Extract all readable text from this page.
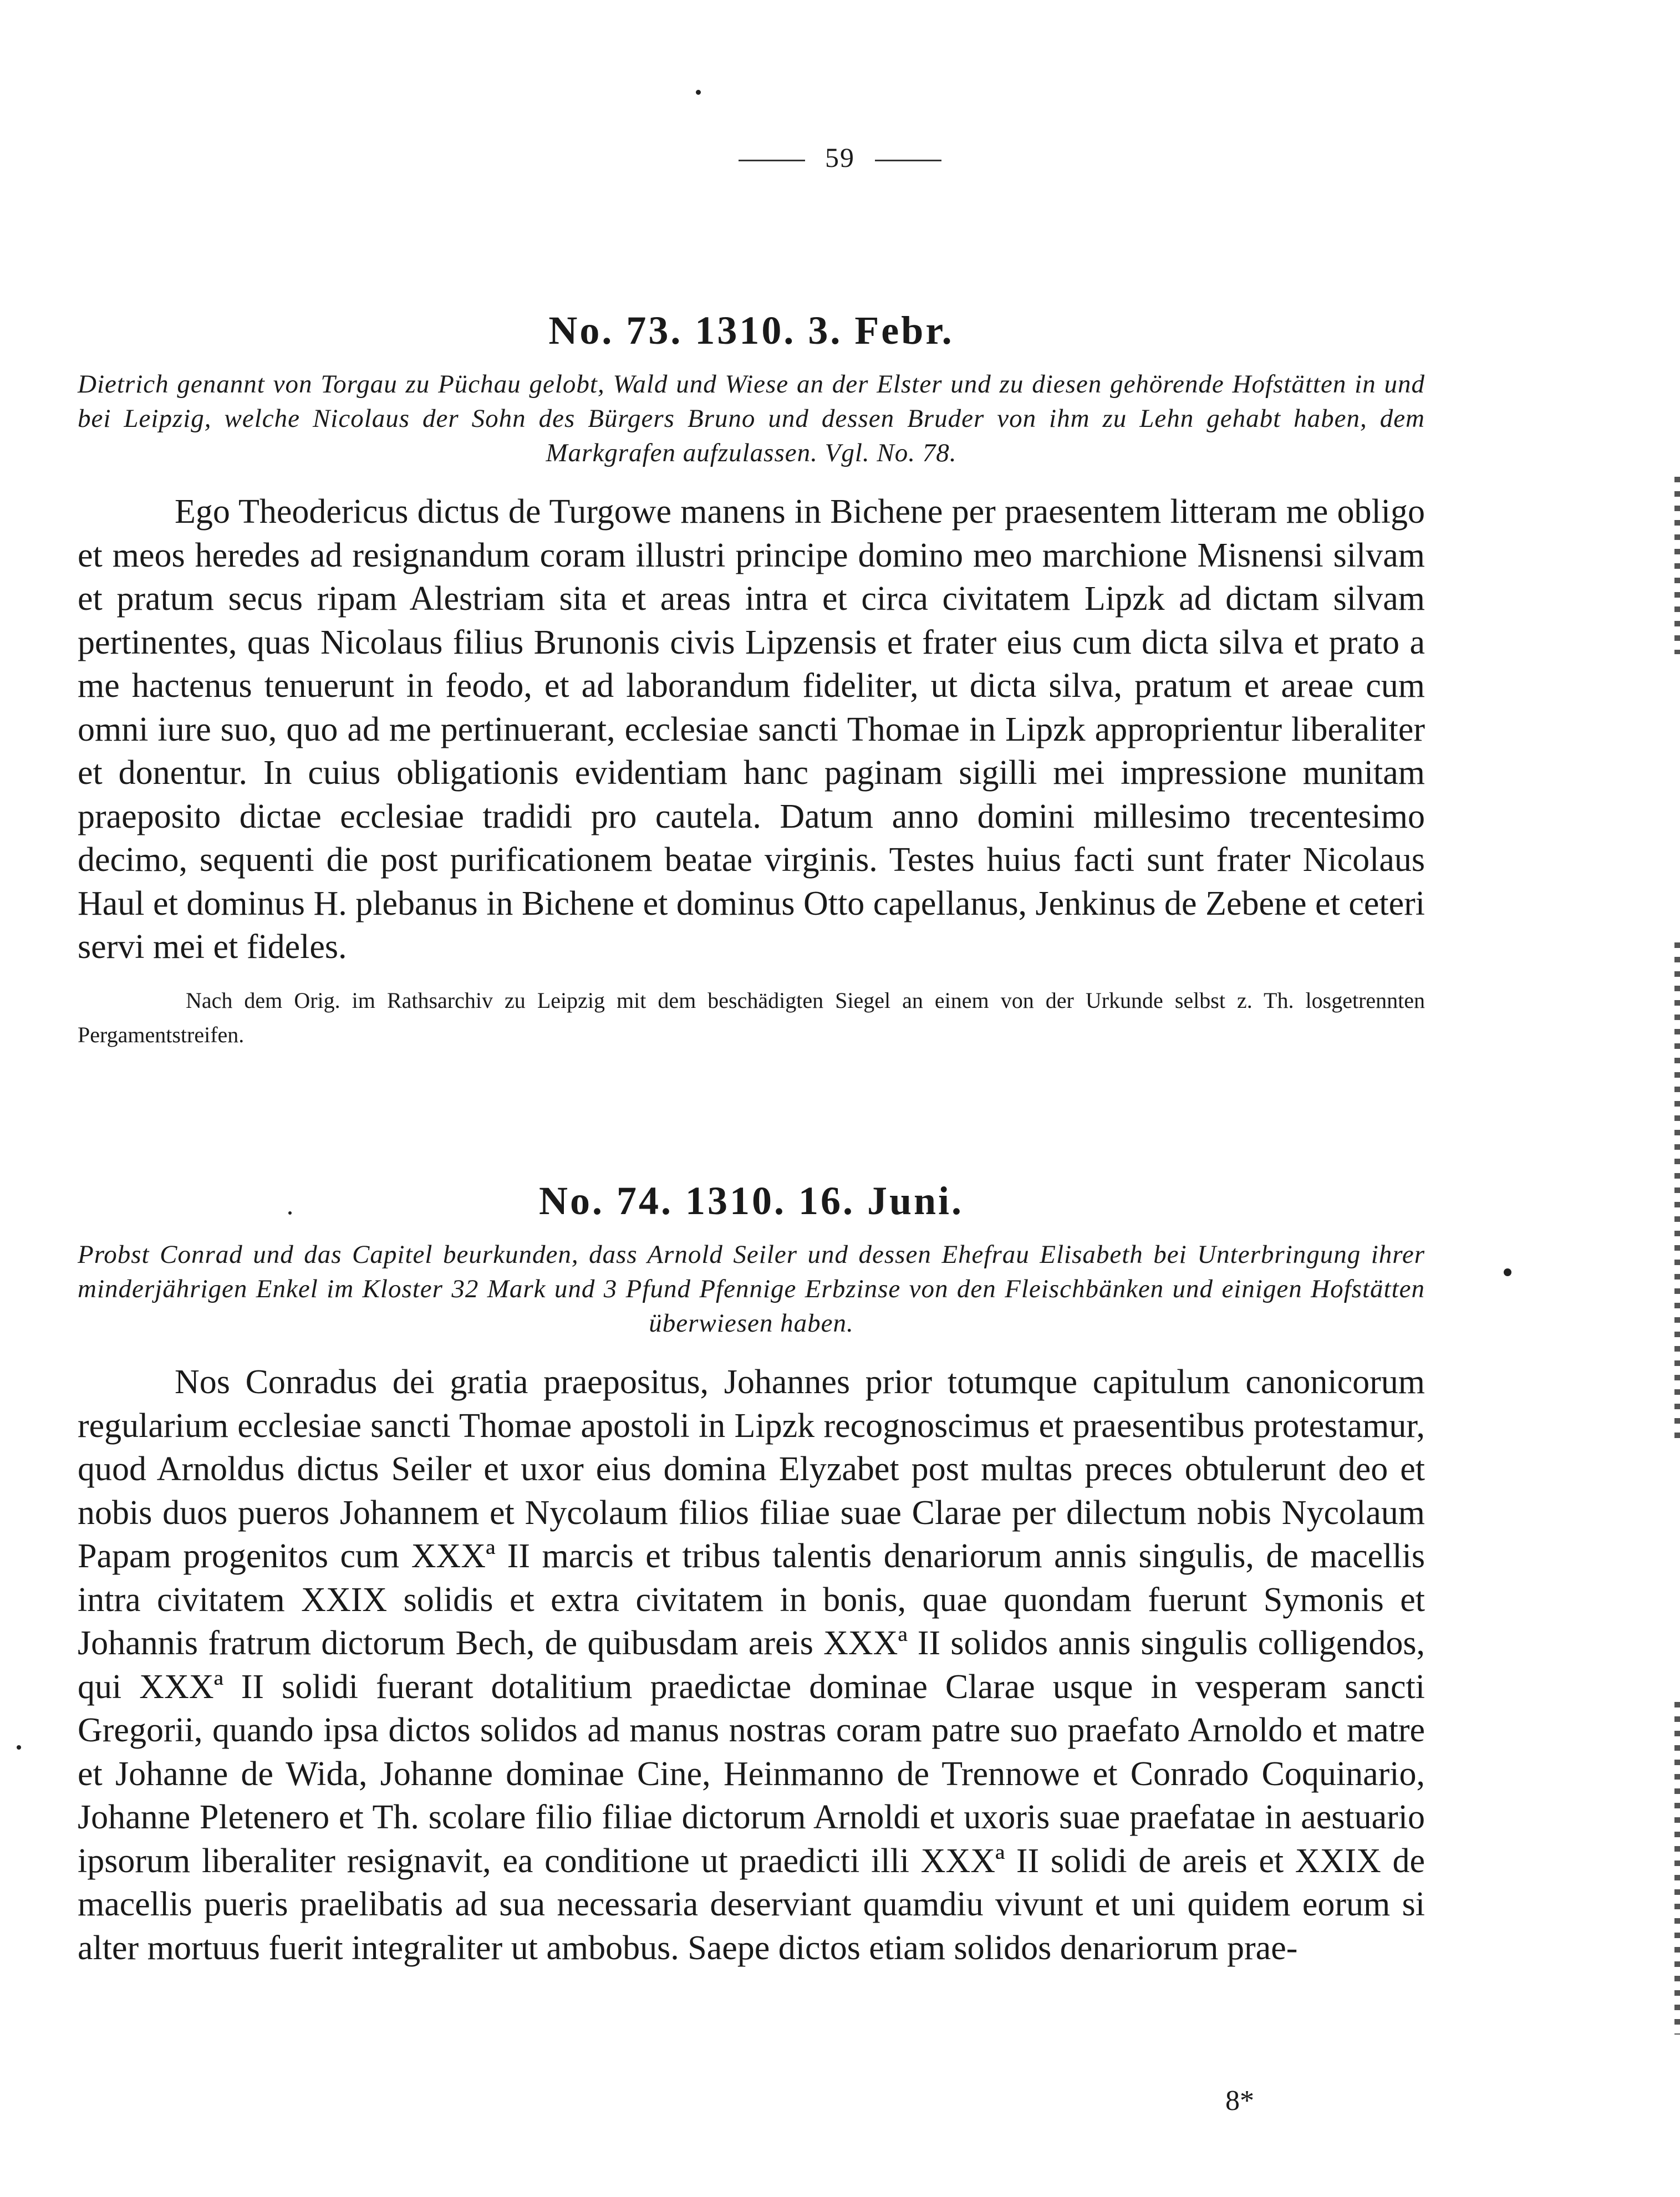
59
No. 73. 1310. 3. Febr.
Dietrich genannt von Torgau zu Püchau gelobt, Wald und Wiese an der Elster und zu diesen gehörende Hofstätten in und bei Leipzig, welche Nicolaus der Sohn des Bürgers Bruno und dessen Bruder von ihm zu Lehn gehabt haben, dem Markgrafen aufzulassen. Vgl. No. 78.
Ego Theodericus dictus de Turgowe manens in Bichene per praesentem litteram me obligo et meos heredes ad resignandum coram illustri principe domino meo marchione Misnensi silvam et pratum secus ripam Alestriam sita et areas intra et circa civitatem Lipzk ad dictam silvam pertinentes, quas Nicolaus filius Brunonis civis Lipzensis et frater eius cum dicta silva et prato a me hactenus tenuerunt in feodo, et ad laborandum fideliter, ut dicta silva, pratum et areae cum omni iure suo, quo ad me pertinuerant, ecclesiae sancti Thomae in Lipzk approprientur liberaliter et donentur. In cuius obligationis evidentiam hanc paginam sigilli mei impressione munitam praeposito dictae ecclesiae tradidi pro cautela. Datum anno domini millesimo trecentesimo decimo, sequenti die post purificationem beatae virginis. Testes huius facti sunt frater Nicolaus Haul et dominus H. plebanus in Bichene et dominus Otto capellanus, Jenkinus de Zebene et ceteri servi mei et fideles.
Nach dem Orig. im Rathsarchiv zu Leipzig mit dem beschädigten Siegel an einem von der Urkunde selbst z. Th. losgetrennten Pergamentstreifen.
No. 74. 1310. 16. Juni.
Probst Conrad und das Capitel beurkunden, dass Arnold Seiler und dessen Ehefrau Elisabeth bei Unterbringung ihrer minderjährigen Enkel im Kloster 32 Mark und 3 Pfund Pfennige Erbzinse von den Fleischbänken und einigen Hofstätten überwiesen haben.
Nos Conradus dei gratia praepositus, Johannes prior totumque capitulum canonicorum regularium ecclesiae sancti Thomae apostoli in Lipzk recognoscimus et praesentibus protestamur, quod Arnoldus dictus Seiler et uxor eius domina Elyzabet post multas preces obtulerunt deo et nobis duos pueros Johannem et Nycolaum filios filiae suae Clarae per dilectum nobis Nycolaum Papam progenitos cum XXXª II marcis et tribus talentis denariorum annis singulis, de macellis intra civitatem XXIX solidis et extra civitatem in bonis, quae quondam fuerunt Symonis et Johannis fratrum dictorum Bech, de quibusdam areis XXXª II solidos annis singulis colligendos, qui XXXª II solidi fuerant dotalitium praedictae dominae Clarae usque in vesperam sancti Gregorii, quando ipsa dictos solidos ad manus nostras coram patre suo praefato Arnoldo et matre et Johanne de Wida, Johanne dominae Cine, Heinmanno de Trennowe et Conrado Coquinario, Johanne Pletenero et Th. scolare filio filiae dictorum Arnoldi et uxoris suae praefatae in aestuario ipsorum liberaliter resignavit, ea conditione ut praedicti illi XXXª II solidi de areis et XXIX de macellis pueris praelibatis ad sua necessaria deserviant quamdiu vivunt et uni quidem eorum si alter mortuus fuerit integraliter ut ambobus. Saepe dictos etiam solidos denariorum prae-
8*
